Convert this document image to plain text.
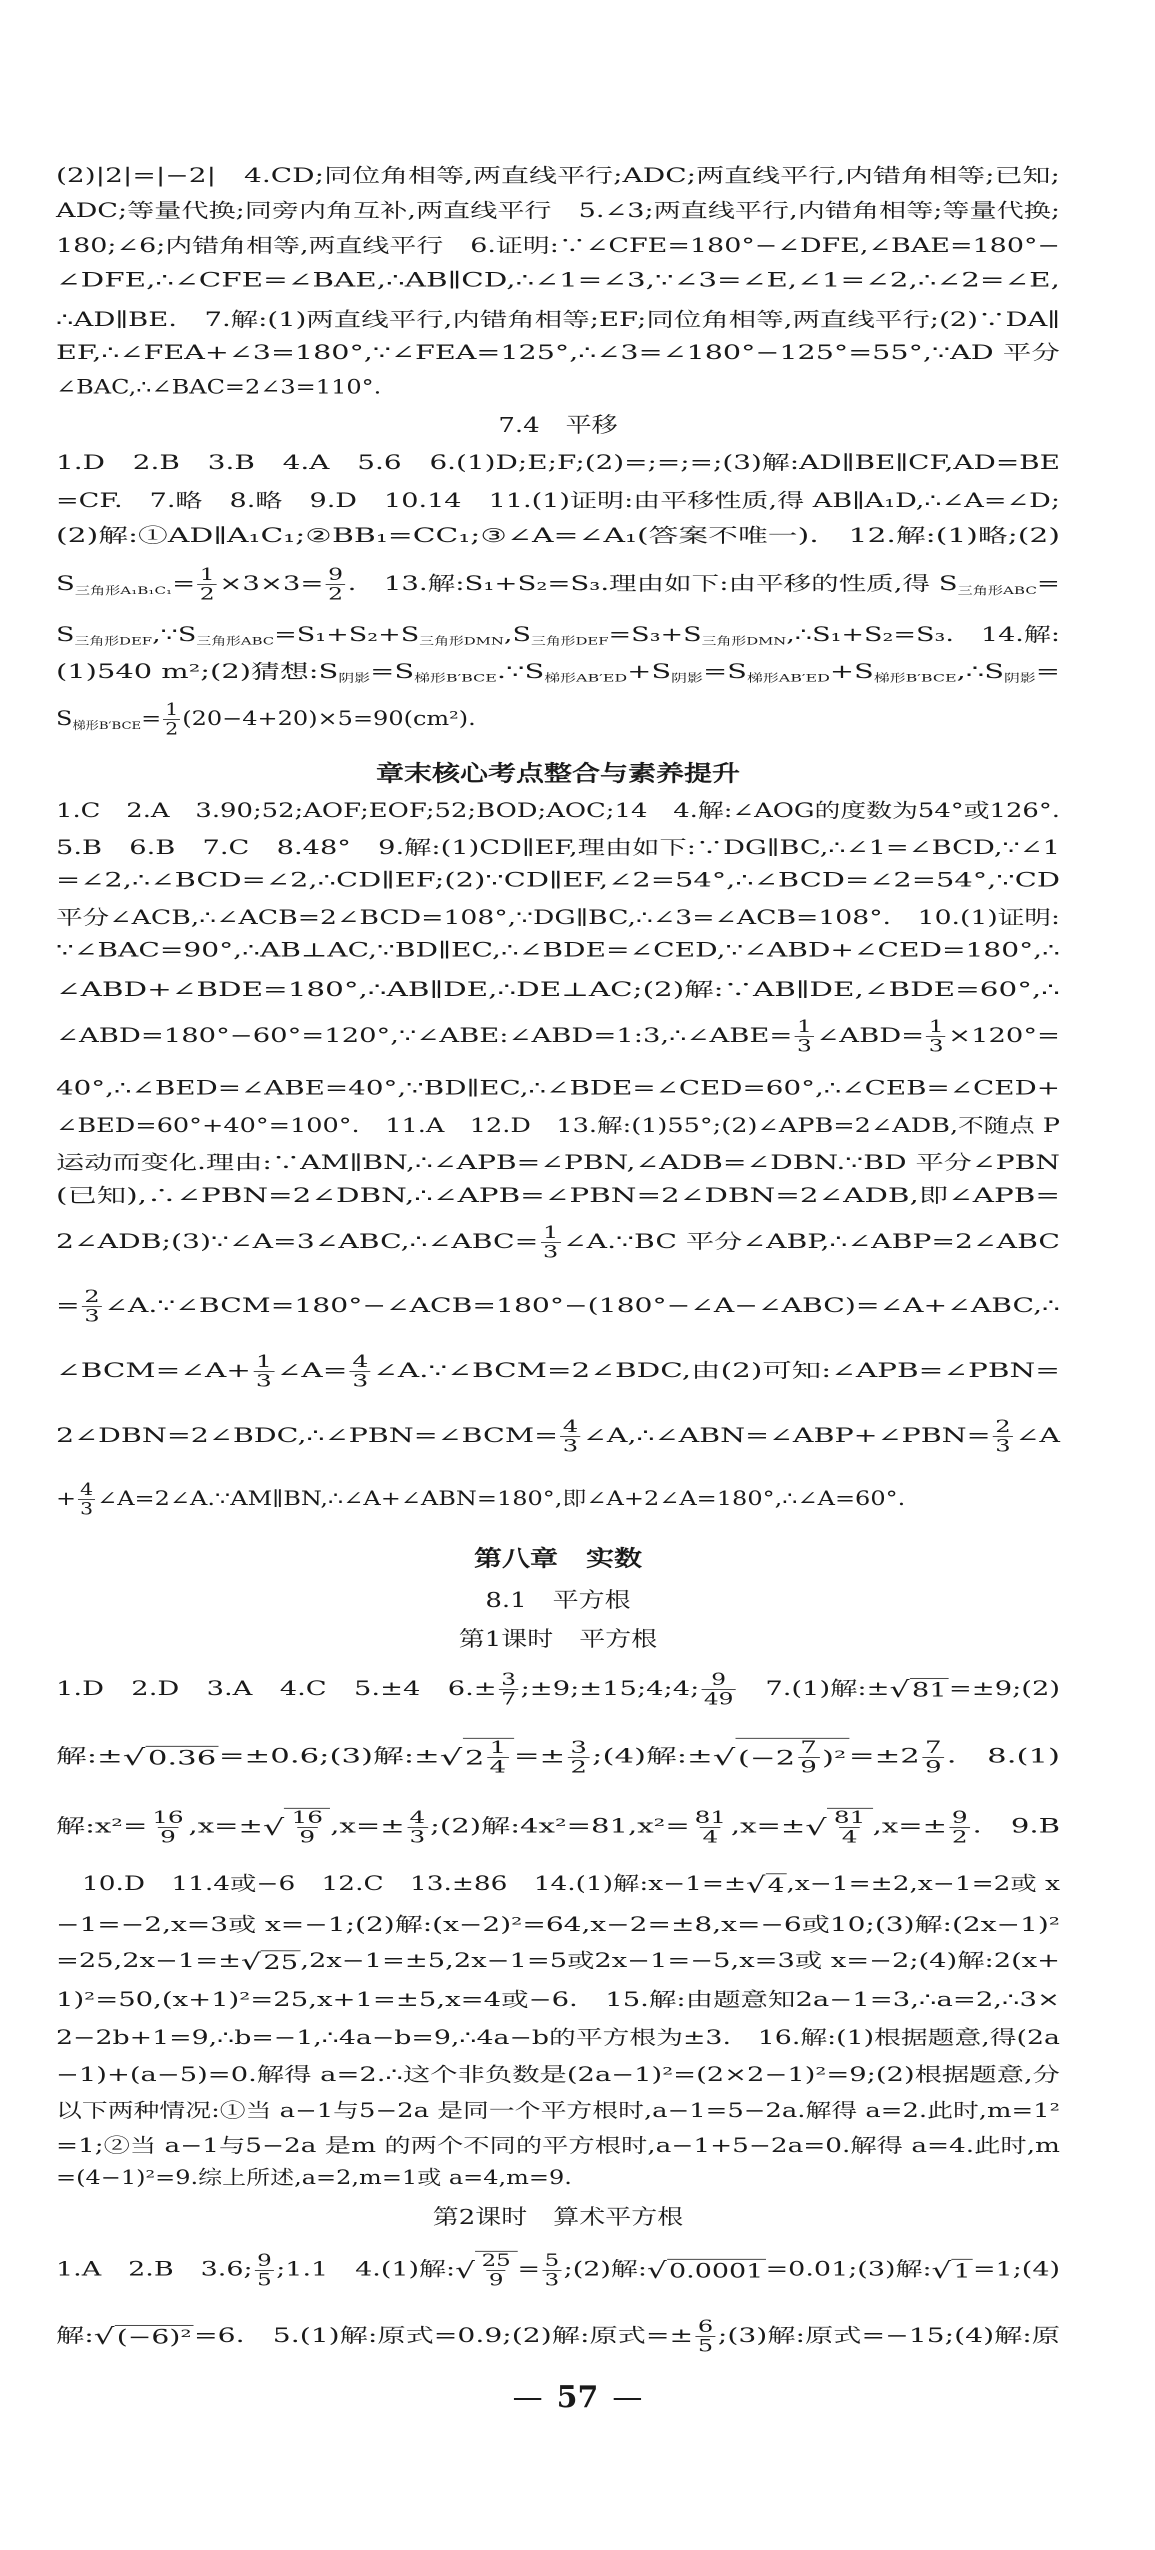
(2)|2|=|−2|　4.CD;同位角相等,两直线平行;ADC;两直线平行,内错角相等;已知;
ADC;等量代换;同旁内角互补,两直线平行　5.∠3;两直线平行,内错角相等;等量代换;
180;∠6;内错角相等,两直线平行　6.证明:∵∠CFE=180°−∠DFE,∠BAE=180°−
∠DFE,∴∠CFE=∠BAE,∴AB∥CD,∴∠1=∠3,∵∠3=∠E,∠1=∠2,∴∠2=∠E,
∴AD∥BE.　7.解:(1)两直线平行,内错角相等;EF;同位角相等,两直线平行;(2)∵DA∥
EF,∴∠FEA+∠3=180°,∵∠FEA=125°,∴∠3=∠180°−125°=55°,∵AD 平分
∠BAC,∴∠BAC=2∠3=110°.
7.4　平移
1.D　2.B　3.B　4.A　5.6　6.(1)D;E;F;(2)=;=;=;(3)解:AD∥BE∥CF,AD=BE
=CF.　7.略　8.略　9.D　10.14　11.(1)证明:由平移性质,得 AB∥A₁D,∴∠A=∠D;
(2)解:①AD∥A₁C₁;②BB₁=CC₁;③∠A=∠A₁(答案不唯一).　12.解:(1)略;(2)
$S_{三角形A_1B_1C_1}= \frac{1}{2} \times 3\times 3= \frac{9}{2}$ .　13.解:S₁+S₂=S₃.理由如下:由平移的性质,得 $S_{三角形ABC}=$
$S_{三角形DEF},\because S_{三角形ABC}=S_1+S_2+S_{三角形DMN},S_{三角形DEF}=S_3+S_{三角形DMN},\therefore S_1+S_2=S_3$.　14.解:
(1)540 m²;(2)猜想$:S_{阴影}=S_{梯形B'BCE}.\because S_{梯形AB'ED}+S_{阴影}=S_{梯形AB'ED}+S_{梯形B'BCE},\therefore S_{阴影}=$
$S_{梯形B'BCE}= \frac{1}{2} (20-4+20)\times 5=90(cm^2)$.
章末核心考点整合与素养提升
1.C　2.A　3.90;52;AOF;EOF;52;BOD;AOC;14　4.解:∠AOG的度数为54°或126°.
5.B　6.B　7.C　8.48°　9.解:(1)CD∥EF,理由如下:∵DG∥BC,∴∠1=∠BCD,∵∠1
=∠2,∴∠BCD=∠2,∴CD∥EF;(2)∵CD∥EF,∠2=54°,∴∠BCD=∠2=54°,∵CD
平分∠ACB,∴∠ACB=2∠BCD=108°,∵DG∥BC,∴∠3=∠ACB=108°.　10.(1)证明:
∵∠BAC=90°,∴AB⊥AC,∵BD∥EC,∴∠BDE=∠CED,∵∠ABD+∠CED=180°,∴
∠ABD+∠BDE=180°,∴AB∥DE,∴DE⊥AC;(2)解:∵AB∥DE,∠BDE=60°,∴
∠ABD=180°−60°=120°,∵∠ABE:∠ABD=1:3,∴∠ABE= $\frac{1}{3}$ ∠ABD= $\frac{1}{3} \times 120^\circ=$
40°,∴∠BED=∠ABE=40°,∵BD∥EC,∴∠BDE=∠CED=60°,∴∠CEB=∠CED+
∠BED=60°+40°=100°.　11.A　12.D　13.解:(1)55°;(2)∠APB=2∠ADB,不随点 P
运动而变化.理由:∵AM∥BN,∴∠APB=∠PBN,∠ADB=∠DBN.∵BD 平分∠PBN
(已知),∴∠PBN=2∠DBN,∴∠APB=∠PBN=2∠DBN=2∠ADB,即∠APB=
2∠ADB;(3)∵∠A=3∠ABC,∴∠ABC= $\frac{1}{3}$ ∠A.∵BC 平分∠ABP,∴∠ABP=2∠ABC
= $\frac{2}{3}$ ∠A.∵∠BCM=180°−∠ACB=180°−(180°−∠A−∠ABC)=∠A+∠ABC,∴
∠BCM=∠A+ $\frac{1}{3}$ ∠A= $\frac{4}{3}$ ∠A.∵∠BCM=2∠BDC,由(2)可知:∠APB=∠PBN=
2∠DBN=2∠BDC,∴∠PBN=∠BCM= $\frac{4}{3}$ ∠A,∴∠ABN=∠ABP+∠PBN= $\frac{2}{3}$ ∠A
+ $\frac{4}{3}$ ∠A=2∠A.∵AM∥BN,∴∠A+∠ABN=180°,即∠A+2∠A=180°,∴∠A=60°.
第八章　实数
8.1　平方根
第1课时　平方根
1.D　2.D　3.A　4.C　5.±4　$6.\pm \frac{3}{7}$ ;±9;±15;4;4; $\frac{9}{49}$ 　7.(1)解:± √ 81 =±9;(2)
解:± √ 0.36 =±0.6;(3)解:± √ $2 \frac{1}{4} =\pm \frac{3}{2}$ ;(4)解:± √ $(-2 \frac{7}{9} )^2 =\pm 2 \frac{7}{9}$ .　8.(1)
解:x²= $\frac{16}{9} ,x=\pm$ √ $\frac{16}{9} ,x=\pm \frac{4}{3}$ ;(2)解:4x²=81,x²= $\frac{81}{4} ,x=\pm$ √ $\frac{81}{4} ,x=\pm \frac{9}{2}$ .　9.B
10.D　11.4或−6　12.C　13.±86　14.(1)解:x−1=± √ 4 ,x−1=±2,x−1=2或 x
−1=−2,x=3或 x=−1;(2)解:(x−2)²=64,x−2=±8,x=−6或10;(3)解:(2x−1)²
=25,2x−1=± √ 25 ,2x−1=±5,2x−1=5或2x−1=−5,x=3或 x=−2;(4)解:2(x+
1)²=50,(x+1)²=25,x+1=±5,x=4或−6.　15.解:由题意知2a−1=3,∴a=2,∴3×
2−2b+1=9,∴b=−1,∴4a−b=9,∴4a−b的平方根为±3.　16.解:(1)根据题意,得(2a
−1)+(a−5)=0.解得 a=2.∴这个非负数是(2a−1)²=(2×2−1)²=9;(2)根据题意,分
以下两种情况:①当 a−1与5−2a 是同一个平方根时,a−1=5−2a.解得 a=2.此时,m=1²
=1;②当 a−1与5−2a 是m 的两个不同的平方根时,a−1+5−2a=0.解得 a=4.此时,m
=(4−1)²=9.综上所述,a=2,m=1或 a=4,m=9.
第2课时　算术平方根
1.A　2.B　3.6; $\frac{9}{5}$ ;1.1　4.(1)解: √ $\frac{25}{9} = \frac{5}{3}$ ;(2)解: √ 0.0001 =0.01;(3)解: √ 1 =1;(4)
解: √ (−6)² =6.　5.(1)解:原式=0.9;(2)解:原式=± $\frac{6}{5}$ ;(3)解:原式=−15;(4)解:原
— 57 —
